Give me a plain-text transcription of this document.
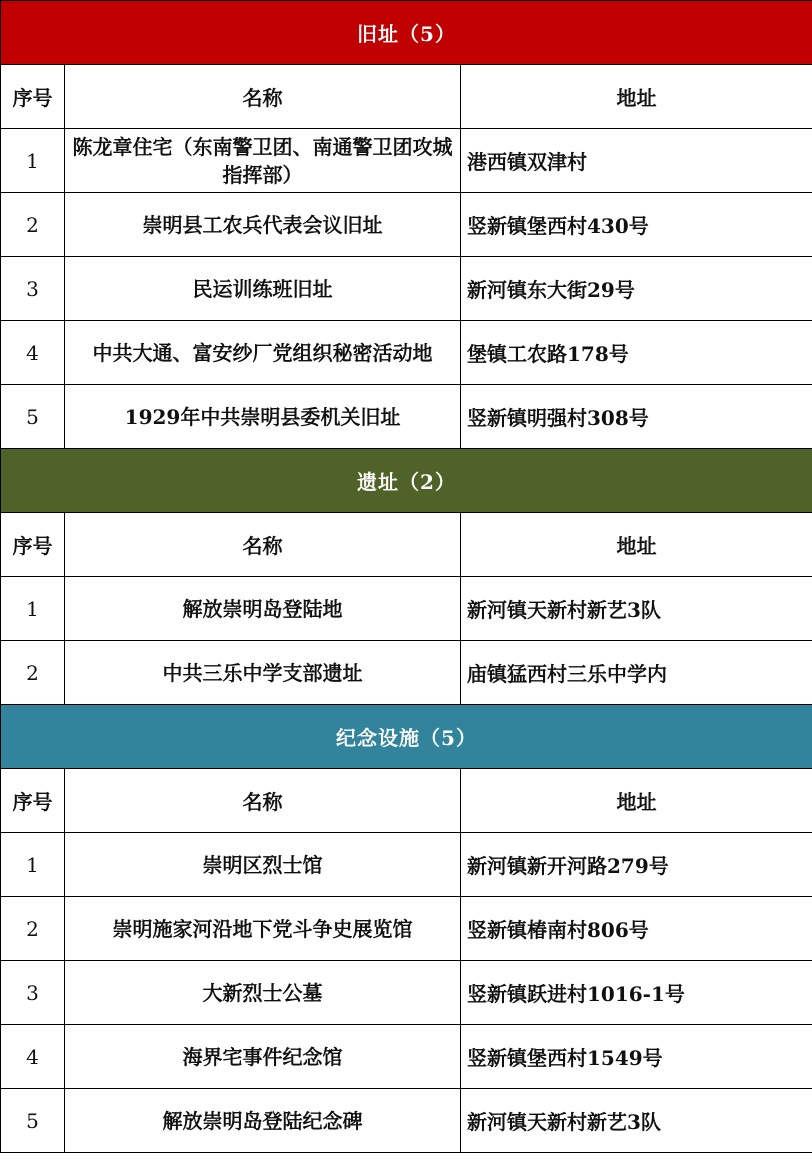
旧址（5）		
序号	名称	地址
1	陈龙章住宅（东南警卫团、南通警卫团攻城指挥部）	港西镇双津村
2	崇明县工农兵代表会议旧址	竖新镇堡西村430号
3	民运训练班旧址	新河镇东大街29号
4	中共大通、富安纱厂党组织秘密活动地	堡镇工农路178号
5	1929年中共崇明县委机关旧址	竖新镇明强村308号
遗址（2）		
序号	名称	地址
1	解放崇明岛登陆地	新河镇天新村新艺3队
2	中共三乐中学支部遗址	庙镇猛西村三乐中学内
纪念设施（5）		
序号	名称	地址
1	崇明区烈士馆	新河镇新开河路279号
2	崇明施家河沿地下党斗争史展览馆	竖新镇椿南村806号
3	大新烈士公墓	竖新镇跃进村1016-1号
4	海界宅事件纪念馆	竖新镇堡西村1549号
5	解放崇明岛登陆纪念碑	新河镇天新村新艺3队
